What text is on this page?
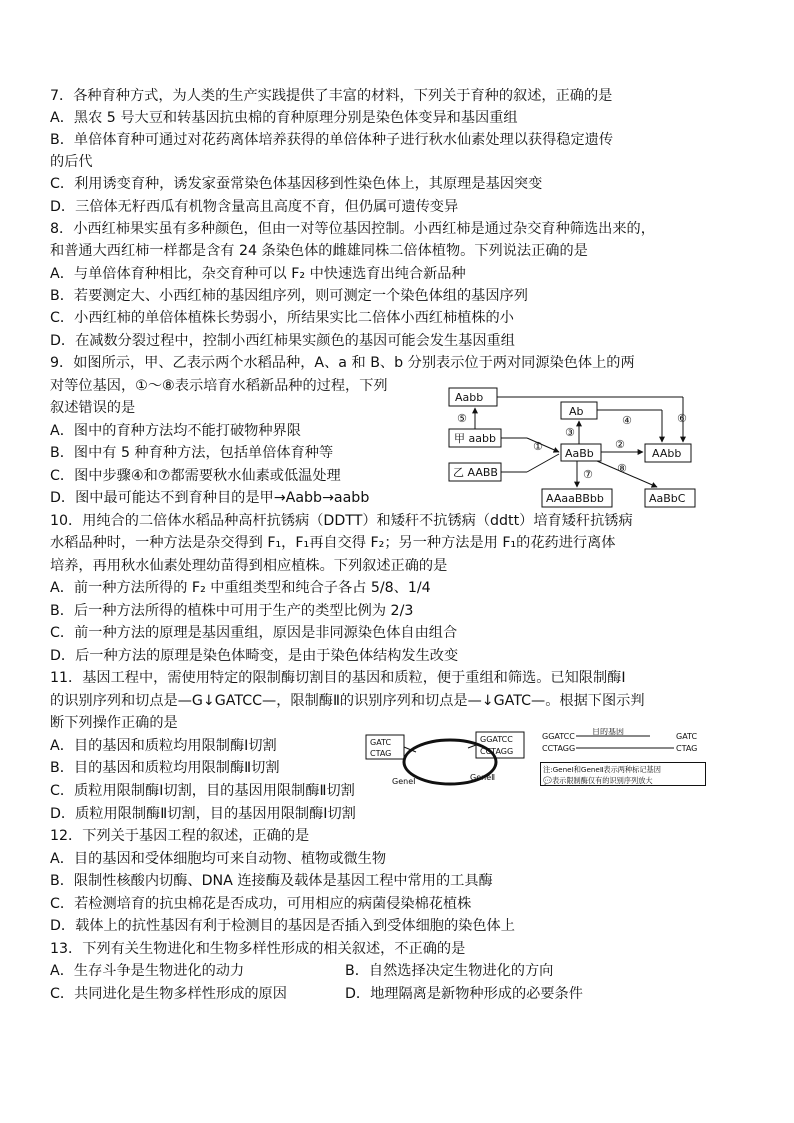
7．各种育种方式，为人类的生产实践提供了丰富的材料，下列关于育种的叙述，正确的是
A．黑农 5 号大豆和转基因抗虫棉的育种原理分别是染色体变异和基因重组
B．单倍体育种可通过对花药离体培养获得的单倍体种子进行秋水仙素处理以获得稳定遗传
的后代
C．利用诱变育种，诱发家蚕常染色体基因移到性染色体上，其原理是基因突变
D．三倍体无籽西瓜有机物含量高且高度不育，但仍属可遗传变异
8．小西红柿果实虽有多种颜色，但由一对等位基因控制。小西红柿是通过杂交育种筛选出来的，
和普通大西红柿一样都是含有 24 条染色体的雌雄同株二倍体植物。下列说法正确的是
A．与单倍体育种相比，杂交育种可以 F₂ 中快速选育出纯合新品种
B．若要测定大、小西红柿的基因组序列，则可测定一个染色体组的基因序列
C．小西红柿的单倍体植株长势弱小，所结果实比二倍体小西红柿植株的小
D．在减数分裂过程中，控制小西红柿果实颜色的基因可能会发生基因重组
9．如图所示，甲、乙表示两个水稻品种，A、a 和 B、b 分别表示位于两对同源染色体上的两
对等位基因，①～⑧表示培育水稻新品种的过程，下列
叙述错误的是
A．图中的育种方法均不能打破物种界限
B．图中有 5 种育种方法，包括单倍体育种等
C．图中步骤④和⑦都需要秋水仙素或低温处理
D．图中最可能达不到育种目的是甲→Aabb→aabb
10．用纯合的二倍体水稻品种高杆抗锈病（DDTT）和矮秆不抗锈病（ddtt）培育矮秆抗锈病
水稻品种时，一种方法是杂交得到 F₁，F₁再自交得 F₂；另一种方法是用 F₁的花药进行离体
培养，再用秋水仙素处理幼苗得到相应植株。下列叙述正确的是
A．前一种方法所得的 F₂ 中重组类型和纯合子各占 5/8、1/4
B．后一种方法所得的植株中可用于生产的类型比例为 2/3
C．前一种方法的原理是基因重组，原因是非同源染色体自由组合
D．后一种方法的原理是染色体畸变，是由于染色体结构发生改变
11．基因工程中，需使用特定的限制酶切割目的基因和质粒，便于重组和筛选。已知限制酶Ⅰ
的识别序列和切点是—G↓GATCC—，限制酶Ⅱ的识别序列和切点是—↓GATC—。根据下图示判
断下列操作正确的是
A．目的基因和质粒均用限制酶Ⅰ切割
B．目的基因和质粒均用限制酶Ⅱ切割
C．质粒用限制酶Ⅰ切割，目的基因用限制酶Ⅱ切割
D．质粒用限制酶Ⅱ切割，目的基因用限制酶Ⅰ切割
12．下列关于基因工程的叙述，正确的是
A．目的基因和受体细胞均可来自动物、植物或微生物
B．限制性核酸内切酶、DNA 连接酶及载体是基因工程中常用的工具酶
C．若检测培育的抗虫棉花是否成功，可用相应的病菌侵染棉花植株
D．载体上的抗性基因有利于检测目的基因是否插入到受体细胞的染色体上
13．下列有关生物进化和生物多样性形成的相关叙述，不正确的是
A．生存斗争是生物进化的动力	B．自然选择决定生物进化的方向
C．共同进化是生物多样性形成的原因	D．地理隔离是新物种形成的必要条件
Aabb
甲 aabb
乙 AABB
Ab
AaBb	AAbb
AAaaBBbb	AaBbC
⑤
①
③
④	⑥
②
⑦ ⑧
GATC
CTAG
GGATCC
CCTAGG
GeneⅠ	GeneⅡ
GGATCC
目的基因
GATC
CCTAGG	CTAG
注:GeneⅠ和GeneⅡ表示两种标记基因
💬表示限制酶仅有的识别序列放大
